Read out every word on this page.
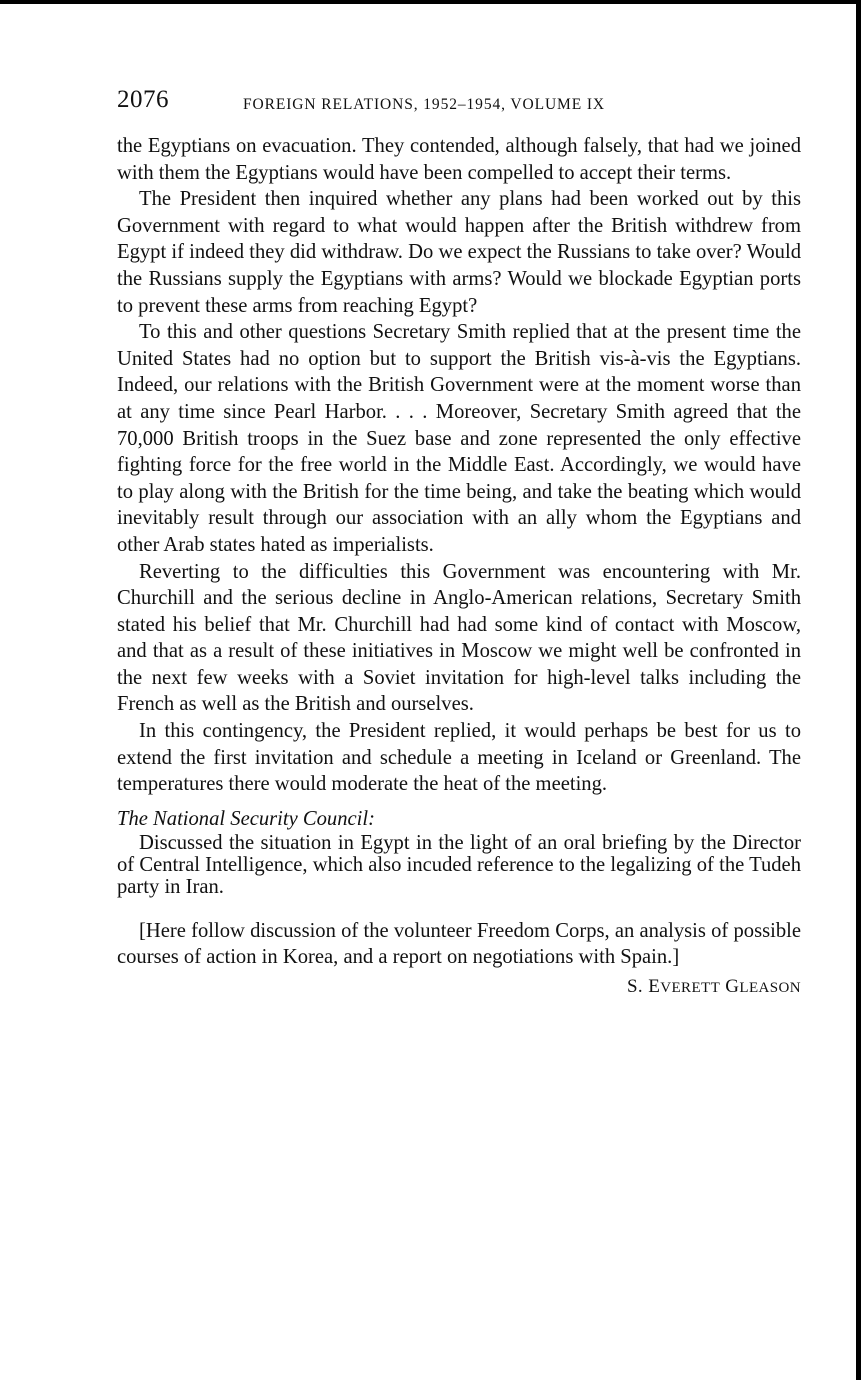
2076	FOREIGN RELATIONS, 1952–1954, VOLUME IX

the Egyptians on evacuation. They contended, although falsely, that had we joined with them the Egyptians would have been compelled to accept their terms.

The President then inquired whether any plans had been worked out by this Government with regard to what would happen after the British withdrew from Egypt if indeed they did withdraw. Do we expect the Russians to take over? Would the Russians supply the Egyptians with arms? Would we blockade Egyptian ports to prevent these arms from reaching Egypt?

To this and other questions Secretary Smith replied that at the present time the United States had no option but to support the British vis-à-vis the Egyptians. Indeed, our relations with the British Government were at the moment worse than at any time since Pearl Harbor. . . . Moreover, Secretary Smith agreed that the 70,000 British troops in the Suez base and zone represented the only effective fighting force for the free world in the Middle East. Accordingly, we would have to play along with the British for the time being, and take the beating which would inevitably result through our association with an ally whom the Egyptians and other Arab states hated as imperialists.

Reverting to the difficulties this Government was encountering with Mr. Churchill and the serious decline in Anglo-American relations, Secretary Smith stated his belief that Mr. Churchill had had some kind of contact with Moscow, and that as a result of these initiatives in Moscow we might well be confronted in the next few weeks with a Soviet invitation for high-level talks including the French as well as the British and ourselves.

In this contingency, the President replied, it would perhaps be best for us to extend the first invitation and schedule a meeting in Iceland or Greenland. The temperatures there would moderate the heat of the meeting.

The National Security Council:

Discussed the situation in Egypt in the light of an oral briefing by the Director of Central Intelligence, which also incuded reference to the legalizing of the Tudeh party in Iran.

[Here follow discussion of the volunteer Freedom Corps, an analysis of possible courses of action in Korea, and a report on negotiations with Spain.]

S. EVERETT GLEASON
